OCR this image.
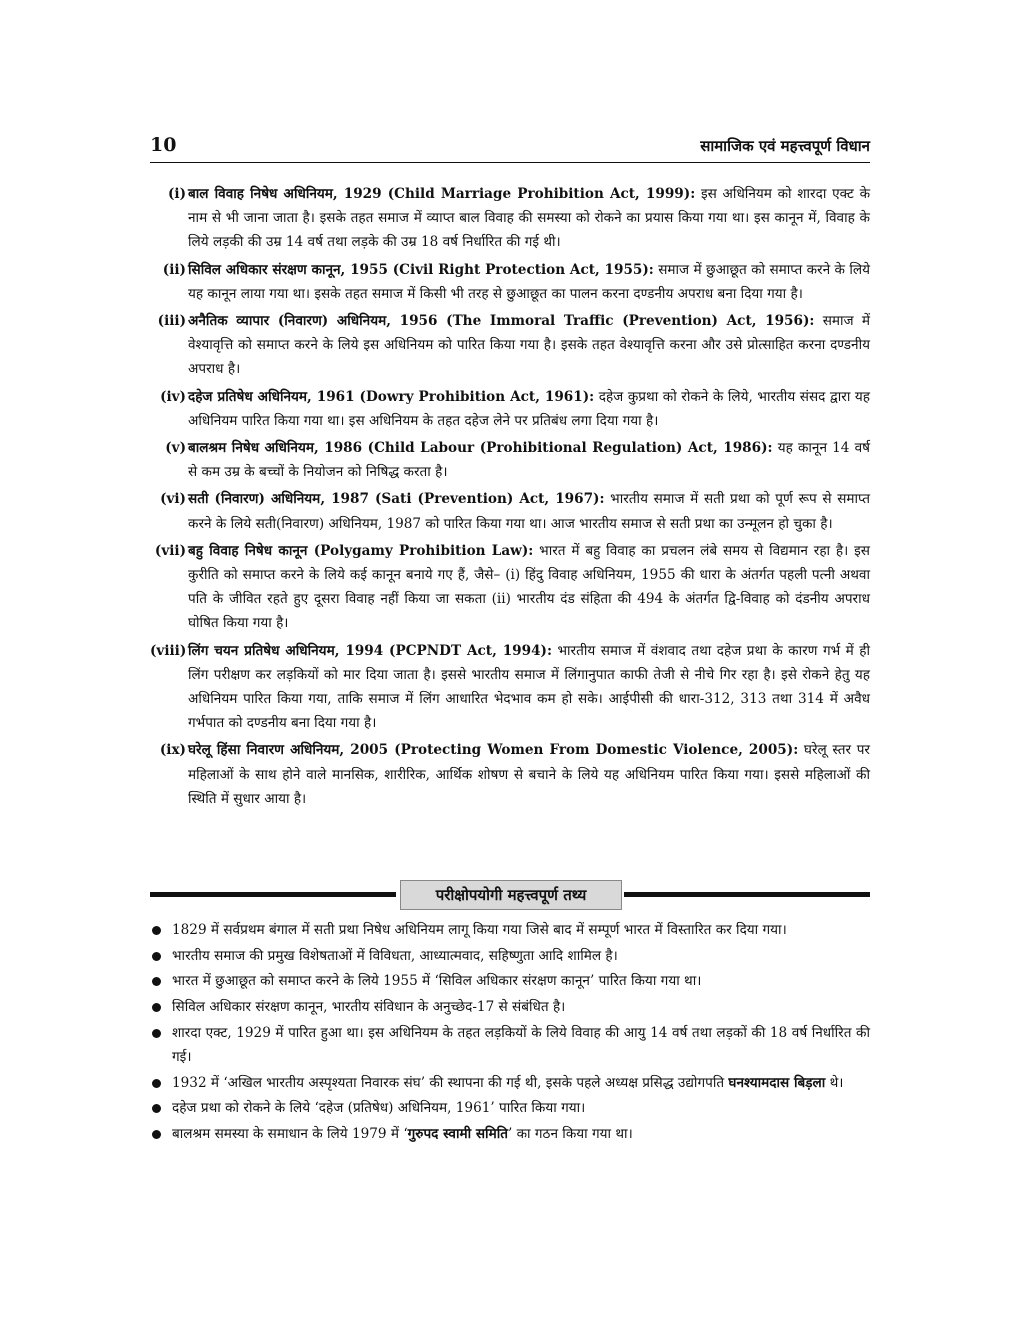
10	सामाजिक एवं महत्त्वपूर्ण विधान
(i) बाल विवाह निषेध अधिनियम, 1929 (Child Marriage Prohibition Act, 1999): इस अधिनियम को शारदा एक्ट के नाम से भी जाना जाता है। इसके तहत समाज में व्याप्त बाल विवाह की समस्या को रोकने का प्रयास किया गया था। इस कानून में, विवाह के लिये लड़की की उम्र 14 वर्ष तथा लड़के की उम्र 18 वर्ष निर्धारित की गई थी।
(ii) सिविल अधिकार संरक्षण कानून, 1955 (Civil Right Protection Act, 1955): समाज में छुआछूत को समाप्त करने के लिये यह कानून लाया गया था। इसके तहत समाज में किसी भी तरह से छुआछूत का पालन करना दण्डनीय अपराध बना दिया गया है।
(iii) अनैतिक व्यापार (निवारण) अधिनियम, 1956 (The Immoral Traffic (Prevention) Act, 1956): समाज में वेश्यावृत्ति को समाप्त करने के लिये इस अधिनियम को पारित किया गया है। इसके तहत वेश्यावृत्ति करना और उसे प्रोत्साहित करना दण्डनीय अपराध है।
(iv) दहेज प्रतिषेध अधिनियम, 1961 (Dowry Prohibition Act, 1961): दहेज कुप्रथा को रोकने के लिये, भारतीय संसद द्वारा यह अधिनियम पारित किया गया था। इस अधिनियम के तहत दहेज लेने पर प्रतिबंध लगा दिया गया है।
(v) बालश्रम निषेध अधिनियम, 1986 (Child Labour (Prohibitional Regulation) Act, 1986): यह कानून 14 वर्ष से कम उम्र के बच्चों के नियोजन को निषिद्ध करता है।
(vi) सती (निवारण) अधिनियम, 1987 (Sati (Prevention) Act, 1967): भारतीय समाज में सती प्रथा को पूर्ण रूप से समाप्त करने के लिये सती(निवारण) अधिनियम, 1987 को पारित किया गया था। आज भारतीय समाज से सती प्रथा का उन्मूलन हो चुका है।
(vii) बहु विवाह निषेध कानून (Polygamy Prohibition Law): भारत में बहु विवाह का प्रचलन लंबे समय से विद्यमान रहा है। इस कुरीति को समाप्त करने के लिये कई कानून बनाये गए हैं, जैसे– (i) हिंदु विवाह अधिनियम, 1955 की धारा के अंतर्गत पहली पत्नी अथवा पति के जीवित रहते हुए दूसरा विवाह नहीं किया जा सकता (ii) भारतीय दंड संहिता की 494 के अंतर्गत द्वि-विवाह को दंडनीय अपराध घोषित किया गया है।
(viii) लिंग चयन प्रतिषेध अधिनियम, 1994 (PCPNDT Act, 1994): भारतीय समाज में वंशवाद तथा दहेज प्रथा के कारण गर्भ में ही लिंग परीक्षण कर लड़कियों को मार दिया जाता है। इससे भारतीय समाज में लिंगानुपात काफी तेजी से नीचे गिर रहा है। इसे रोकने हेतु यह अधिनियम पारित किया गया, ताकि समाज में लिंग आधारित भेदभाव कम हो सके। आईपीसी की धारा-312, 313 तथा 314 में अवैध गर्भपात को दण्डनीय बना दिया गया है।
(ix) घरेलू हिंसा निवारण अधिनियम, 2005 (Protecting Women From Domestic Violence, 2005): घरेलू स्तर पर महिलाओं के साथ होने वाले मानसिक, शारीरिक, आर्थिक शोषण से बचाने के लिये यह अधिनियम पारित किया गया। इससे महिलाओं की स्थिति में सुधार आया है।
परीक्षोपयोगी महत्त्वपूर्ण तथ्य
1829 में सर्वप्रथम बंगाल में सती प्रथा निषेध अधिनियम लागू किया गया जिसे बाद में सम्पूर्ण भारत में विस्तारित कर दिया गया।
भारतीय समाज की प्रमुख विशेषताओं में विविधता, आध्यात्मवाद, सहिष्णुता आदि शामिल है।
भारत में छुआछूत को समाप्त करने के लिये 1955 में ‘सिविल अधिकार संरक्षण कानून’ पारित किया गया था।
सिविल अधिकार संरक्षण कानून, भारतीय संविधान के अनुच्छेद-17 से संबंधित है।
शारदा एक्ट, 1929 में पारित हुआ था। इस अधिनियम के तहत लड़कियों के लिये विवाह की आयु 14 वर्ष तथा लड़कों की 18 वर्ष निर्धारित की गई।
1932 में ‘अखिल भारतीय अस्पृश्यता निवारक संघ’ की स्थापना की गई थी, इसके पहले अध्यक्ष प्रसिद्ध उद्योगपति घनश्यामदास बिड़ला थे।
दहेज प्रथा को रोकने के लिये ‘दहेज (प्रतिषेध) अधिनियम, 1961’ पारित किया गया।
बालश्रम समस्या के समाधान के लिये 1979 में ‘गुरुपद स्वामी समिति’ का गठन किया गया था।
